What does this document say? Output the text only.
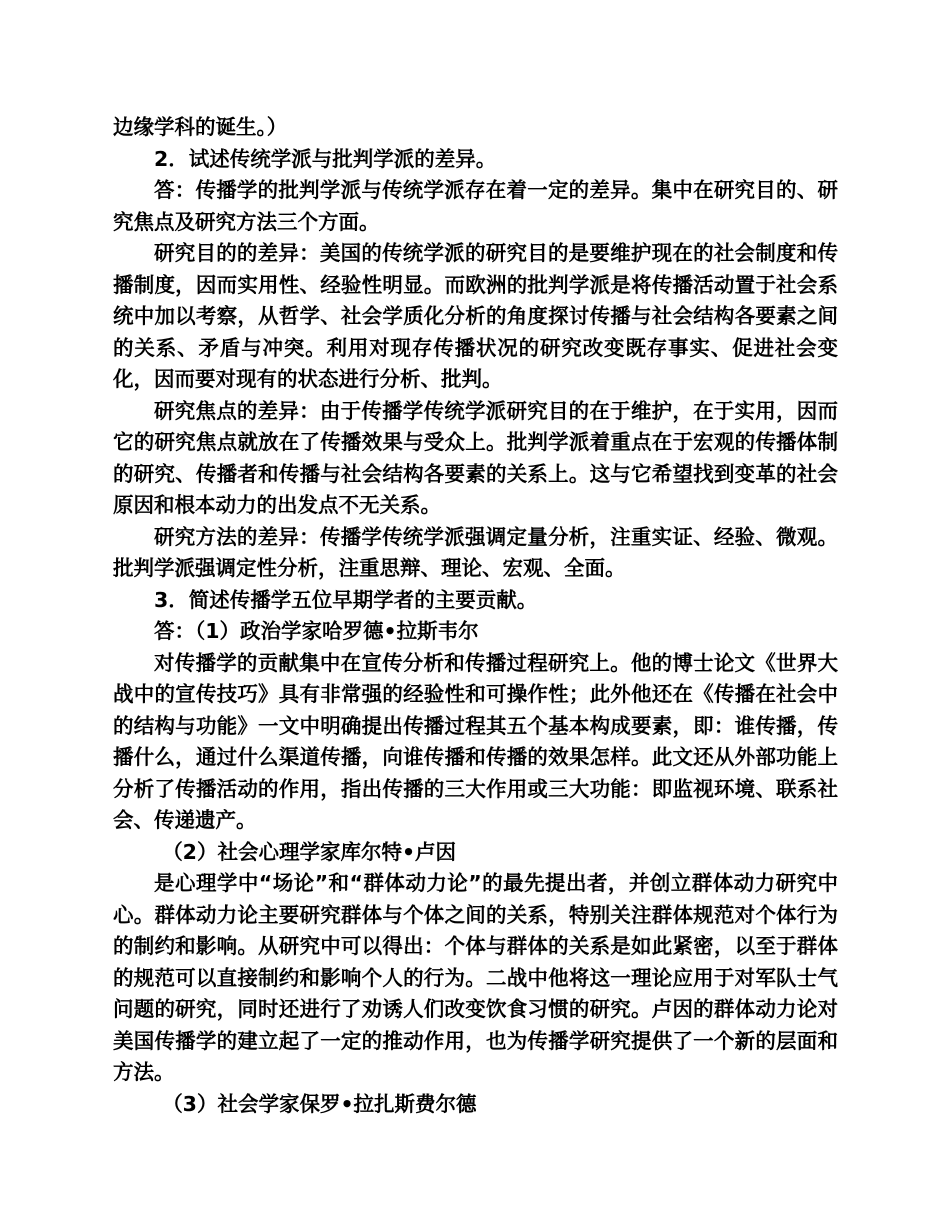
边缘学科的诞生。）

2．试述传统学派与批判学派的差异。

答：传播学的批判学派与传统学派存在着一定的差异。集中在研究目的、研究焦点及研究方法三个方面。

研究目的的差异：美国的传统学派的研究目的是要维护现在的社会制度和传播制度，因而实用性、经验性明显。而欧洲的批判学派是将传播活动置于社会系统中加以考察，从哲学、社会学质化分析的角度探讨传播与社会结构各要素之间的关系、矛盾与冲突。利用对现存传播状况的研究改变既存事实、促进社会变化，因而要对现有的状态进行分析、批判。

研究焦点的差异：由于传播学传统学派研究目的在于维护，在于实用，因而它的研究焦点就放在了传播效果与受众上。批判学派着重点在于宏观的传播体制的研究、传播者和传播与社会结构各要素的关系上。这与它希望找到变革的社会原因和根本动力的出发点不无关系。

研究方法的差异：传播学传统学派强调定量分析，注重实证、经验、微观。批判学派强调定性分析，注重思辩、理论、宏观、全面。

3．简述传播学五位早期学者的主要贡献。

答：（1）政治学家哈罗德•拉斯韦尔

对传播学的贡献集中在宣传分析和传播过程研究上。他的博士论文《世界大战中的宣传技巧》具有非常强的经验性和可操作性；此外他还在《传播在社会中的结构与功能》一文中明确提出传播过程其五个基本构成要素，即：谁传播，传播什么，通过什么渠道传播，向谁传播和传播的效果怎样。此文还从外部功能上分析了传播活动的作用，指出传播的三大作用或三大功能：即监视环境、联系社会、传递遗产。

（2）社会心理学家库尔特•卢因

是心理学中“场论”和“群体动力论”的最先提出者，并创立群体动力研究中心。群体动力论主要研究群体与个体之间的关系，特别关注群体规范对个体行为的制约和影响。从研究中可以得出：个体与群体的关系是如此紧密，以至于群体的规范可以直接制约和影响个人的行为。二战中他将这一理论应用于对军队士气问题的研究，同时还进行了劝诱人们改变饮食习惯的研究。卢因的群体动力论对美国传播学的建立起了一定的推动作用，也为传播学研究提供了一个新的层面和方法。

（3）社会学家保罗•拉扎斯费尔德
